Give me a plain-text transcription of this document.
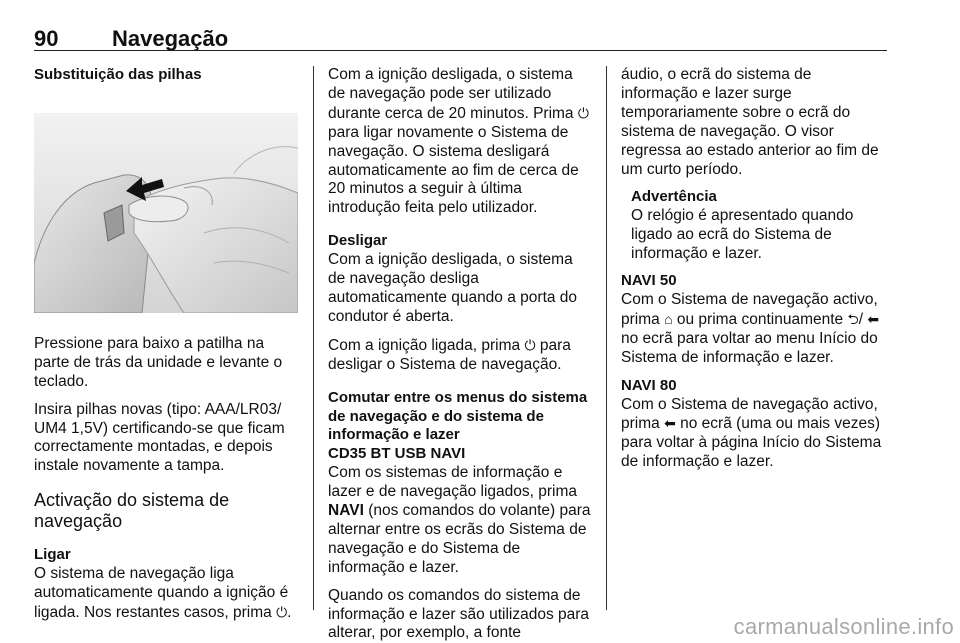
90 Navegação

Substituição das pilhas

Pressione para baixo a patilha na parte de trás da unidade e levante o teclado.

Insira pilhas novas (tipo: AAA/LR03/ UM4 1,5V) certificando-se que ficam correctamente montadas, e depois instale novamente a tampa.

Activação do sistema de navegação

Ligar

O sistema de navegação liga automaticamente quando a ignição é ligada. Nos restantes casos, prima ⏻.

Com a ignição desligada, o sistema de navegação pode ser utilizado durante cerca de 20 minutos. Prima ⏻ para ligar novamente o Sistema de navegação. O sistema desligará automaticamente ao fim de cerca de 20 minutos a seguir à última introdução feita pelo utilizador.

Desligar

Com a ignição desligada, o sistema de navegação desliga automaticamente quando a porta do condutor é aberta.

Com a ignição ligada, prima ⏻ para desligar o Sistema de navegação.

Comutar entre os menus do sistema de navegação e do sistema de informação e lazer

CD35 BT USB NAVI

Com os sistemas de informação e lazer e de navegação ligados, prima NAVI (nos comandos do volante) para alternar entre os ecrãs do Sistema de navegação e do Sistema de informação e lazer.

Quando os comandos do sistema de informação e lazer são utilizados para alterar, por exemplo, a fonte

áudio, o ecrã do sistema de informação e lazer surge temporariamente sobre o ecrã do sistema de navegação. O visor regressa ao estado anterior ao fim de um curto período.

Advertência

O relógio é apresentado quando ligado ao ecrã do Sistema de informação e lazer.

NAVI 50

Com o Sistema de navegação activo, prima ⌂ ou prima continuamente ⮌/ ⬅ no ecrã para voltar ao menu Início do Sistema de informação e lazer.

NAVI 80

Com o Sistema de navegação activo, prima ⬅ no ecrã (uma ou mais vezes) para voltar à página Início do Sistema de informação e lazer.

carmanualsonline.info
